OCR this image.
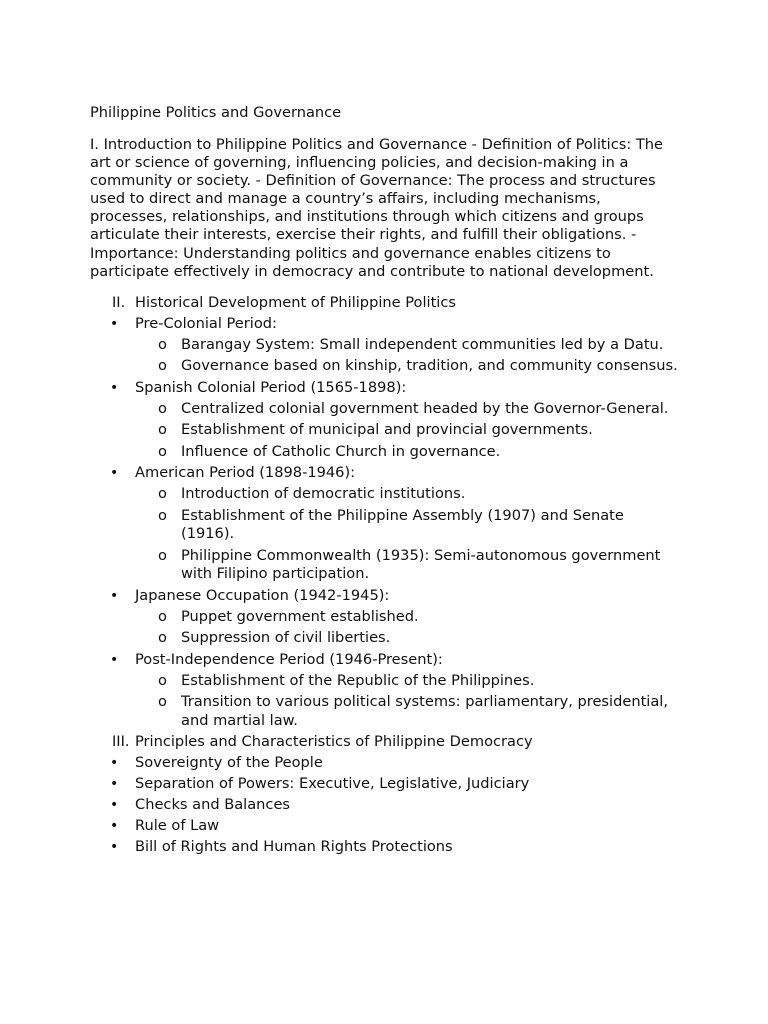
Philippine Politics and Governance
I. Introduction to Philippine Politics and Governance - Definition of Politics: The art or science of governing, influencing policies, and decision-making in a community or society. - Definition of Governance: The process and structures used to direct and manage a country’s affairs, including mechanisms, processes, relationships, and institutions through which citizens and groups articulate their interests, exercise their rights, and fulfill their obligations. - Importance: Understanding politics and governance enables citizens to participate effectively in democracy and contribute to national development.
II. Historical Development of Philippine Politics
• Pre-Colonial Period:
o Barangay System: Small independent communities led by a Datu.
o Governance based on kinship, tradition, and community consensus.
• Spanish Colonial Period (1565-1898):
o Centralized colonial government headed by the Governor-General.
o Establishment of municipal and provincial governments.
o Influence of Catholic Church in governance.
• American Period (1898-1946):
o Introduction of democratic institutions.
o Establishment of the Philippine Assembly (1907) and Senate (1916).
o Philippine Commonwealth (1935): Semi-autonomous government with Filipino participation.
• Japanese Occupation (1942-1945):
o Puppet government established.
o Suppression of civil liberties.
• Post-Independence Period (1946-Present):
o Establishment of the Republic of the Philippines.
o Transition to various political systems: parliamentary, presidential, and martial law.
III. Principles and Characteristics of Philippine Democracy
• Sovereignty of the People
• Separation of Powers: Executive, Legislative, Judiciary
• Checks and Balances
• Rule of Law
• Bill of Rights and Human Rights Protections
